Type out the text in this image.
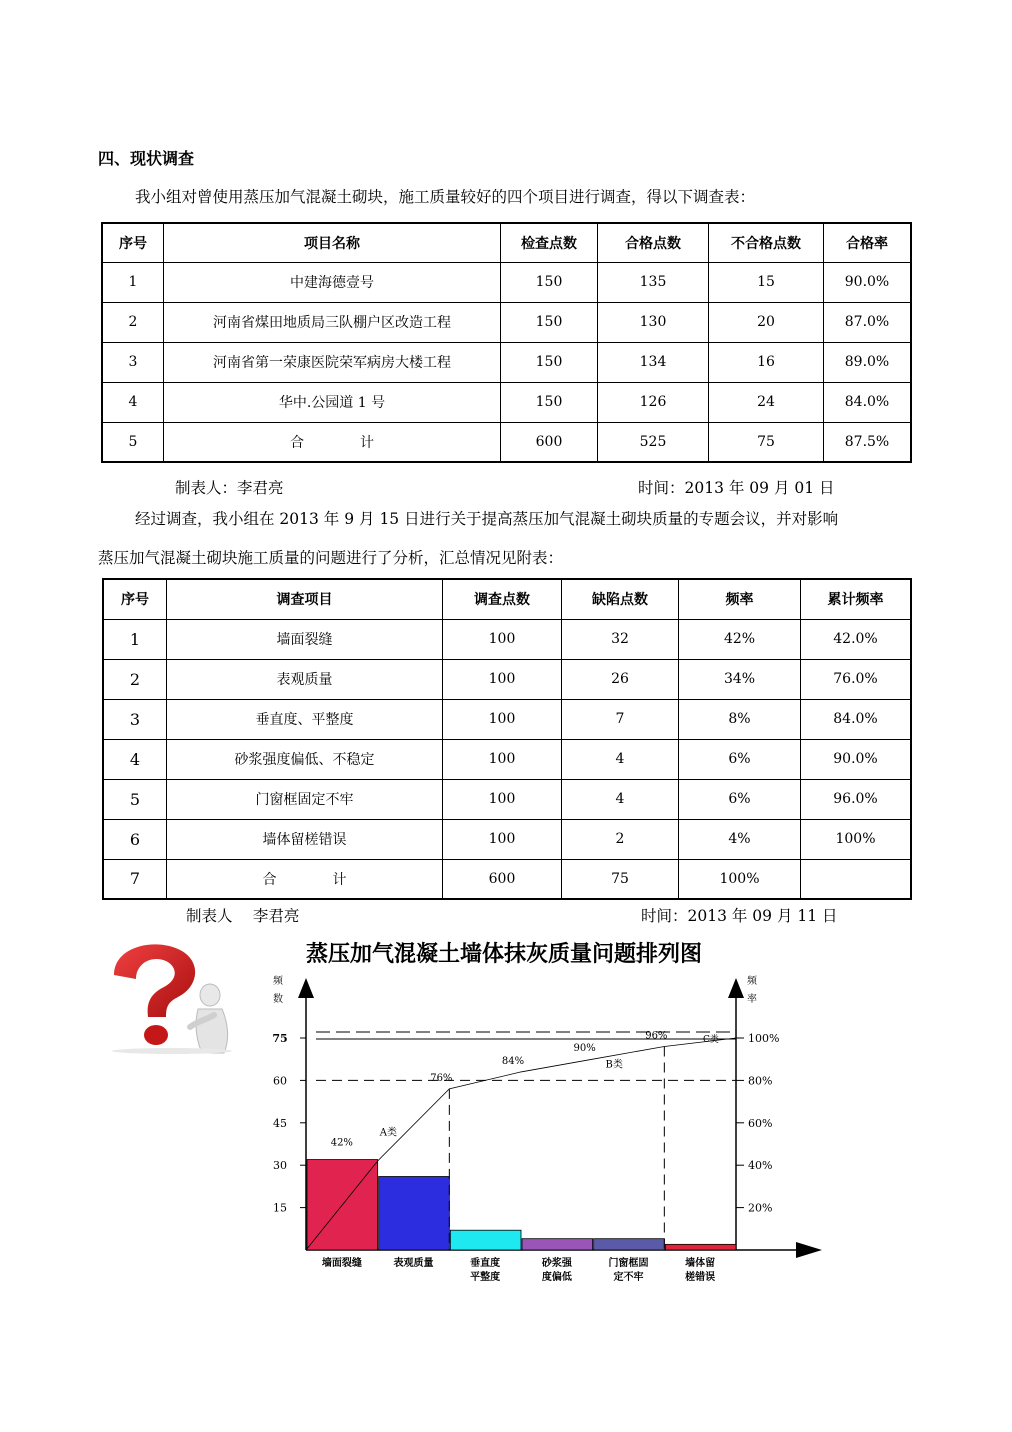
四、现状调查
我小组对曾使用蒸压加气混凝土砌块，施工质量较好的四个项目进行调查，得以下调查表：
序号	项目名称	检查点数	合格点数	不合格点数	合格率
1	中建海德壹号	150	135	15	90.0%
2	河南省煤田地质局三队棚户区改造工程	150	130	20	87.0%
3	河南省第一荣康医院荣军病房大楼工程	150	134	16	89.0%
4	华中.公园道 1 号	150	126	24	84.0%
5	合　　　　计	600	525	75	87.5%
制表人：李君亮	时间：2013 年 09 月 01 日
经过调查，我小组在 2013 年 9 月 15 日进行关于提高蒸压加气混凝土砌块质量的专题会议，并对影响
蒸压加气混凝土砌块施工质量的问题进行了分析，汇总情况见附表：
序号	调查项目	调查点数	缺陷点数	频率	累计频率
1	墙面裂缝	100	32	42%	42.0%
2	表观质量	100	26	34%	76.0%
3	垂直度、平整度	100	7	8%	84.0%
4	砂浆强度偏低、不稳定	100	4	6%	90.0%
5	门窗框固定不牢	100	4	6%	96.0%
6	墙体留槎错误	100	2	4%	100%
7	合　　　　计	600	75	100%	
制表人　 李君亮	时间：2013 年 09 月 11 日
蒸压加气混凝土墙体抹灰质量问题排列图
频
数
频
率
15
30
45
60
75
20%
40%
60%
80%
100%
墙面裂缝	表观质量	垂直度
平整度
砂浆强
度偏低
门窗框固
定不牢
墙体留
槎错误
42%
76%
84%
90%
96%
A类
B类
C类
